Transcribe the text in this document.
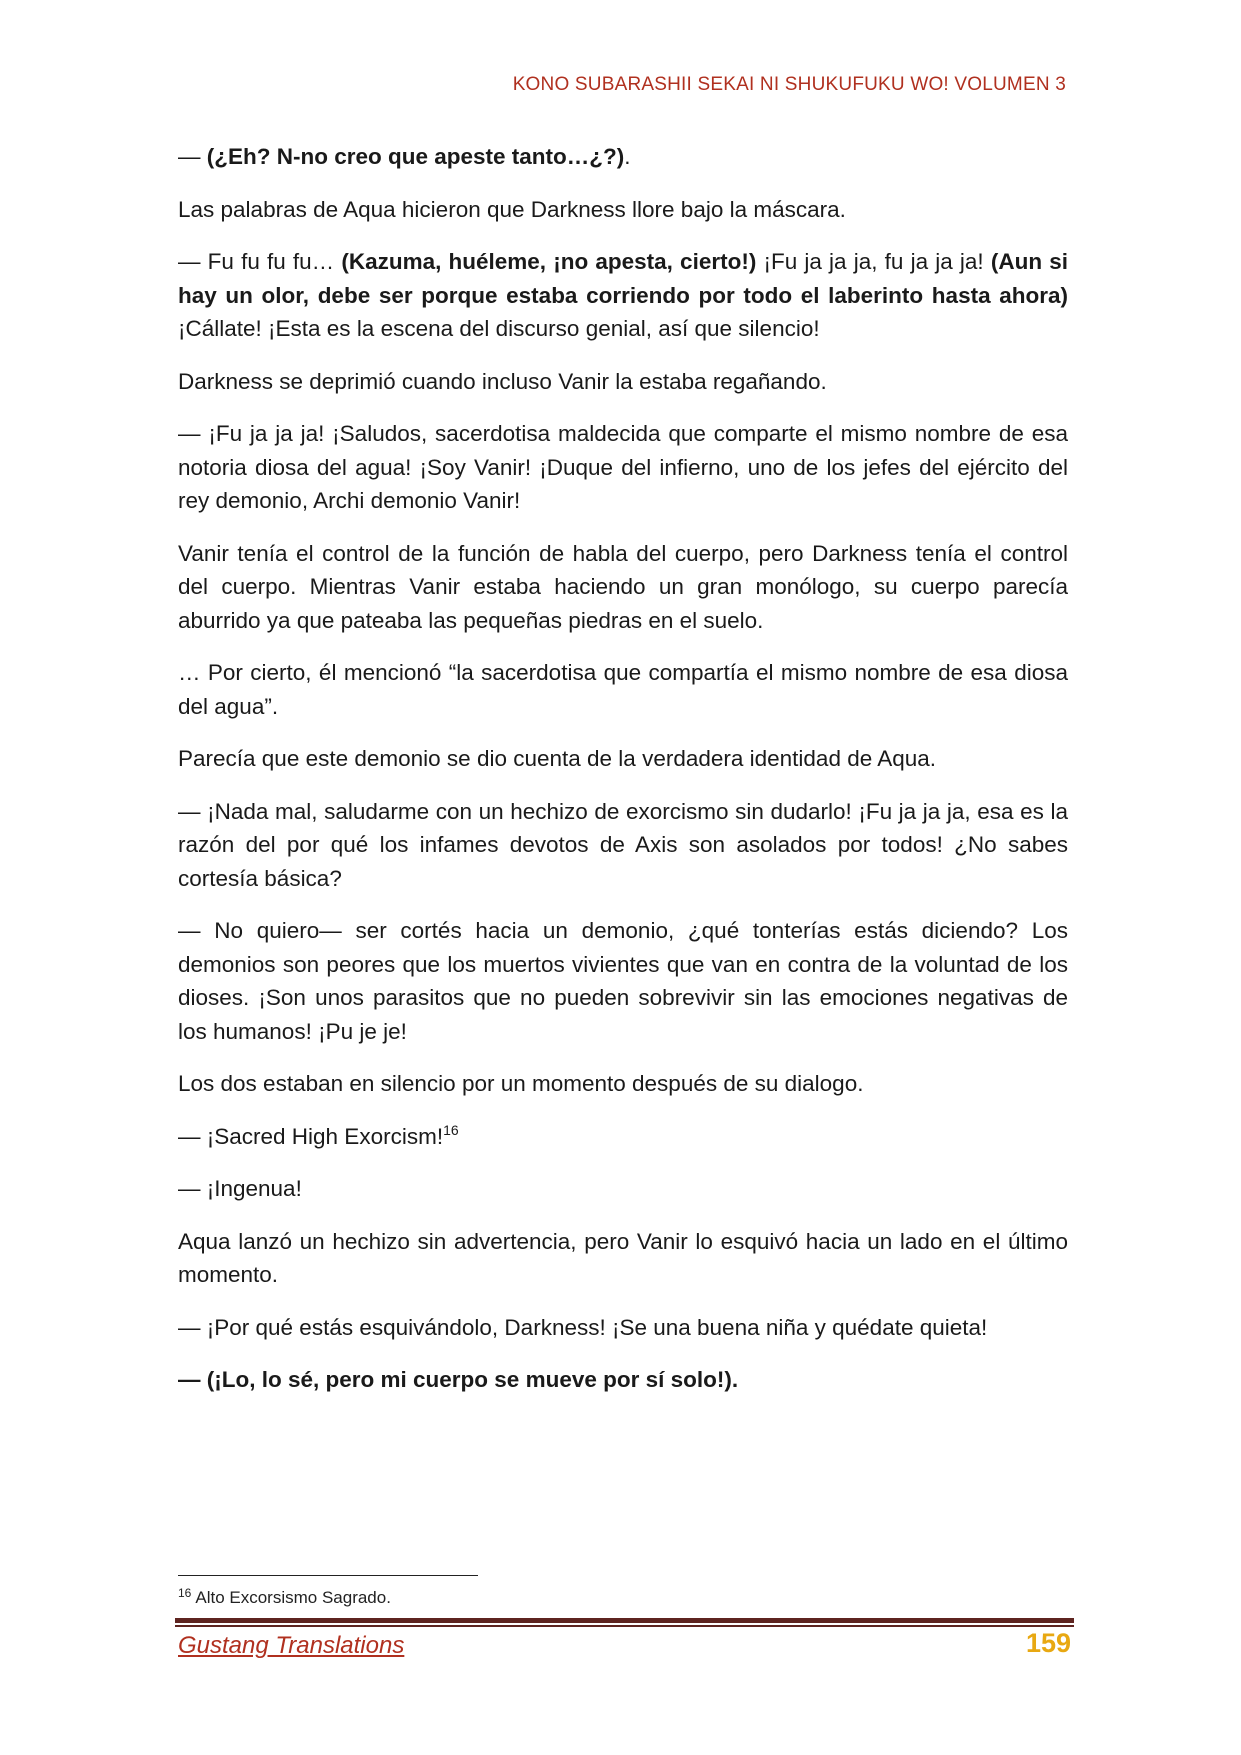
KONO SUBARASHII SEKAI NI SHUKUFUKU WO! VOLUMEN 3

— (¿Eh? N-no creo que apeste tanto…¿?).

Las palabras de Aqua hicieron que Darkness llore bajo la máscara.

— Fu fu fu fu… (Kazuma, huéleme, ¡no apesta, cierto!) ¡Fu ja ja ja, fu ja ja ja! (Aun si hay un olor, debe ser porque estaba corriendo por todo el laberinto hasta ahora) ¡Cállate! ¡Esta es la escena del discurso genial, así que silencio!

Darkness se deprimió cuando incluso Vanir la estaba regañando.

— ¡Fu ja ja ja! ¡Saludos, sacerdotisa maldecida que comparte el mismo nombre de esa notoria diosa del agua! ¡Soy Vanir! ¡Duque del infierno, uno de los jefes del ejército del rey demonio, Archi demonio Vanir!

Vanir tenía el control de la función de habla del cuerpo, pero Darkness tenía el control del cuerpo. Mientras Vanir estaba haciendo un gran monólogo, su cuerpo parecía aburrido ya que pateaba las pequeñas piedras en el suelo.

… Por cierto, él mencionó “la sacerdotisa que compartía el mismo nombre de esa diosa del agua”.

Parecía que este demonio se dio cuenta de la verdadera identidad de Aqua.

— ¡Nada mal, saludarme con un hechizo de exorcismo sin dudarlo! ¡Fu ja ja ja, esa es la razón del por qué los infames devotos de Axis son asolados por todos! ¿No sabes cortesía básica?

— No quiero— ser cortés hacia un demonio, ¿qué tonterías estás diciendo? Los demonios son peores que los muertos vivientes que van en contra de la voluntad de los dioses. ¡Son unos parasitos que no pueden sobrevivir sin las emociones negativas de los humanos! ¡Pu je je!

Los dos estaban en silencio por un momento después de su dialogo.

— ¡Sacred High Exorcism!$^{16}$

— ¡Ingenua!

Aqua lanzó un hechizo sin advertencia, pero Vanir lo esquivó hacia un lado en el último momento.

— ¡Por qué estás esquivándolo, Darkness! ¡Se una buena niña y quédate quieta!

— (¡Lo, lo sé, pero mi cuerpo se mueve por sí solo!).

$^{16}$ Alto Excorsismo Sagrado.
Gustang Translations	159
